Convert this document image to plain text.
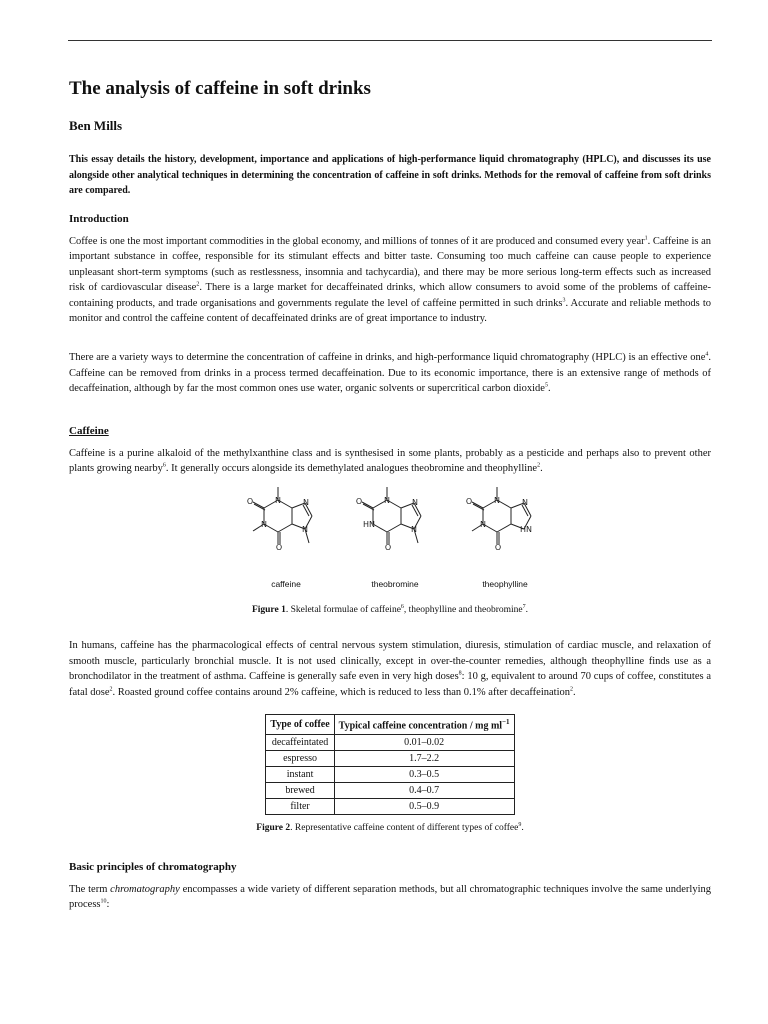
The analysis of caffeine in soft drinks
Ben Mills
This essay details the history, development, importance and applications of high-performance liquid chromatography (HPLC), and discusses its use alongside other analytical techniques in determining the concentration of caffeine in soft drinks. Methods for the removal of caffeine from soft drinks are compared.
Introduction

Coffee is one the most important commodities in the global economy, and millions of tonnes of it are produced and consumed every year$^1$. Caffeine is an important substance in coffee, responsible for its stimulant effects and bitter taste. Consuming too much caffeine can cause people to experience unpleasant short-term symptoms (such as restlessness, insomnia and tachycardia), and there may be more serious long-term effects such as increased risk of cardiovascular disease$^2$. There is a large market for decaffeinated drinks, which allow consumers to avoid some of the problems of caffeine-containing products, and trade organisations and governments regulate the level of caffeine permitted in such drinks$^3$. Accurate and reliable methods to monitor and control the caffeine content of decaffeinated drinks are of great importance to industry.

There are a variety ways to determine the concentration of caffeine in drinks, and high-performance liquid chromatography (HPLC) is an effective one$^4$. Caffeine can be removed from drinks in a process termed decaffeination. Due to its economic importance, there is an extensive range of methods of decaffeination, although by far the most common ones use water, organic solvents or supercritical carbon dioxide$^5$.

Caffeine

Caffeine is a purine alkaloid of the methylxanthine class and is synthesised in some plants, probably as a pesticide and perhaps also to prevent other plants growing nearby$^6$. It generally occurs alongside its demethylated analogues theobromine and theophylline$^2$.

N
N
O
O
N
N
caffeine
N
HN
O
O
N
N
theobromine
N
N
O
O
N
HN
theophylline
Figure 1. Skeletal formulae of caffeine$^6$, theophylline and theobromine$^7$.

In humans, caffeine has the pharmacological effects of central nervous system stimulation, diuresis, stimulation of cardiac muscle, and relaxation of smooth muscle, particularly bronchial muscle. It is not used clinically, except in over-the-counter remedies, although theophylline finds use as a bronchodilator in the treatment of asthma. Caffeine is generally safe even in very high doses$^8$: 10 g, equivalent to around 70 cups of coffee, constitutes a fatal dose$^2$. Roasted ground coffee contains around 2% caffeine, which is reduced to less than 0.1% after decaffeination$^2$.

Type of coffee	Typical caffeine concentration / mg $ml^{-1}$
decaffeintated	0.01–0.02
espresso	1.7–2.2
instant	0.3–0.5
brewed	0.4–0.7
filter	0.5–0.9
Figure 2. Representative caffeine content of different types of coffee$^9$.
Basic principles of chromatography

The term chromatography encompasses a wide variety of different separation methods, but all chromatographic techniques involve the same underlying process$^{10}$:
